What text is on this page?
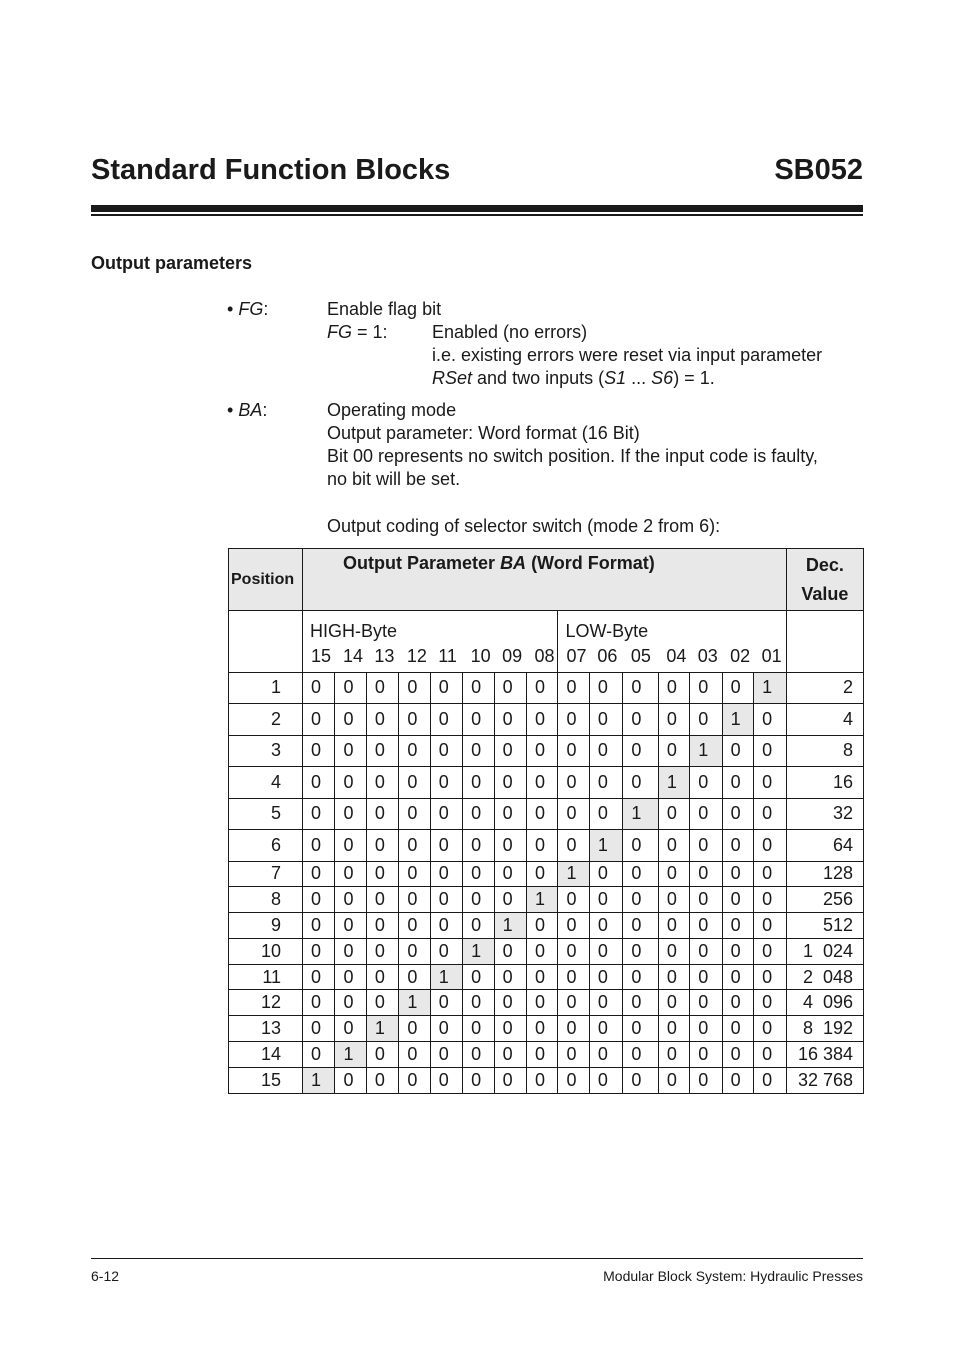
Standard Function Blocks	SB052
Output parameters
• FG:	Enable flag bit
FG = 1: Enabled (no errors)
i.e. existing errors were reset via input parameter
RSet and two inputs (S1 ... S6) = 1.
• BA:	Operating mode
Output parameter: Word format (16 Bit)
Bit 00 represents no switch position. If the input code is faulty,
no bit will be set.
Output coding of selector switch (mode 2 from 6):
Position	Output Parameter BA (Word Format)															Dec.
Value
	HIGH-Byte								LOW-Byte							
	15	14	13	12	11	10	09	08	07	06	05	04	03	02	01	
1	0	0	0	0	0	0	0	0	0	0	0	0	0	0	1	2
2	0	0	0	0	0	0	0	0	0	0	0	0	0	1	0	4
3	0	0	0	0	0	0	0	0	0	0	0	0	1	0	0	8
4	0	0	0	0	0	0	0	0	0	0	0	1	0	0	0	16
5	0	0	0	0	0	0	0	0	0	0	1	0	0	0	0	32
6	0	0	0	0	0	0	0	0	0	1	0	0	0	0	0	64
7	0	0	0	0	0	0	0	0	1	0	0	0	0	0	0	128
8	0	0	0	0	0	0	0	1	0	0	0	0	0	0	0	256
9	0	0	0	0	0	0	1	0	0	0	0	0	0	0	0	512
10	0	0	0	0	0	1	0	0	0	0	0	0	0	0	0	1  024
11	0	0	0	0	1	0	0	0	0	0	0	0	0	0	0	2  048
12	0	0	0	1	0	0	0	0	0	0	0	0	0	0	0	4  096
13	0	0	1	0	0	0	0	0	0	0	0	0	0	0	0	8  192
14	0	1	0	0	0	0	0	0	0	0	0	0	0	0	0	16 384
15	1	0	0	0	0	0	0	0	0	0	0	0	0	0	0	32 768
6-12	Modular Block System: Hydraulic Presses
